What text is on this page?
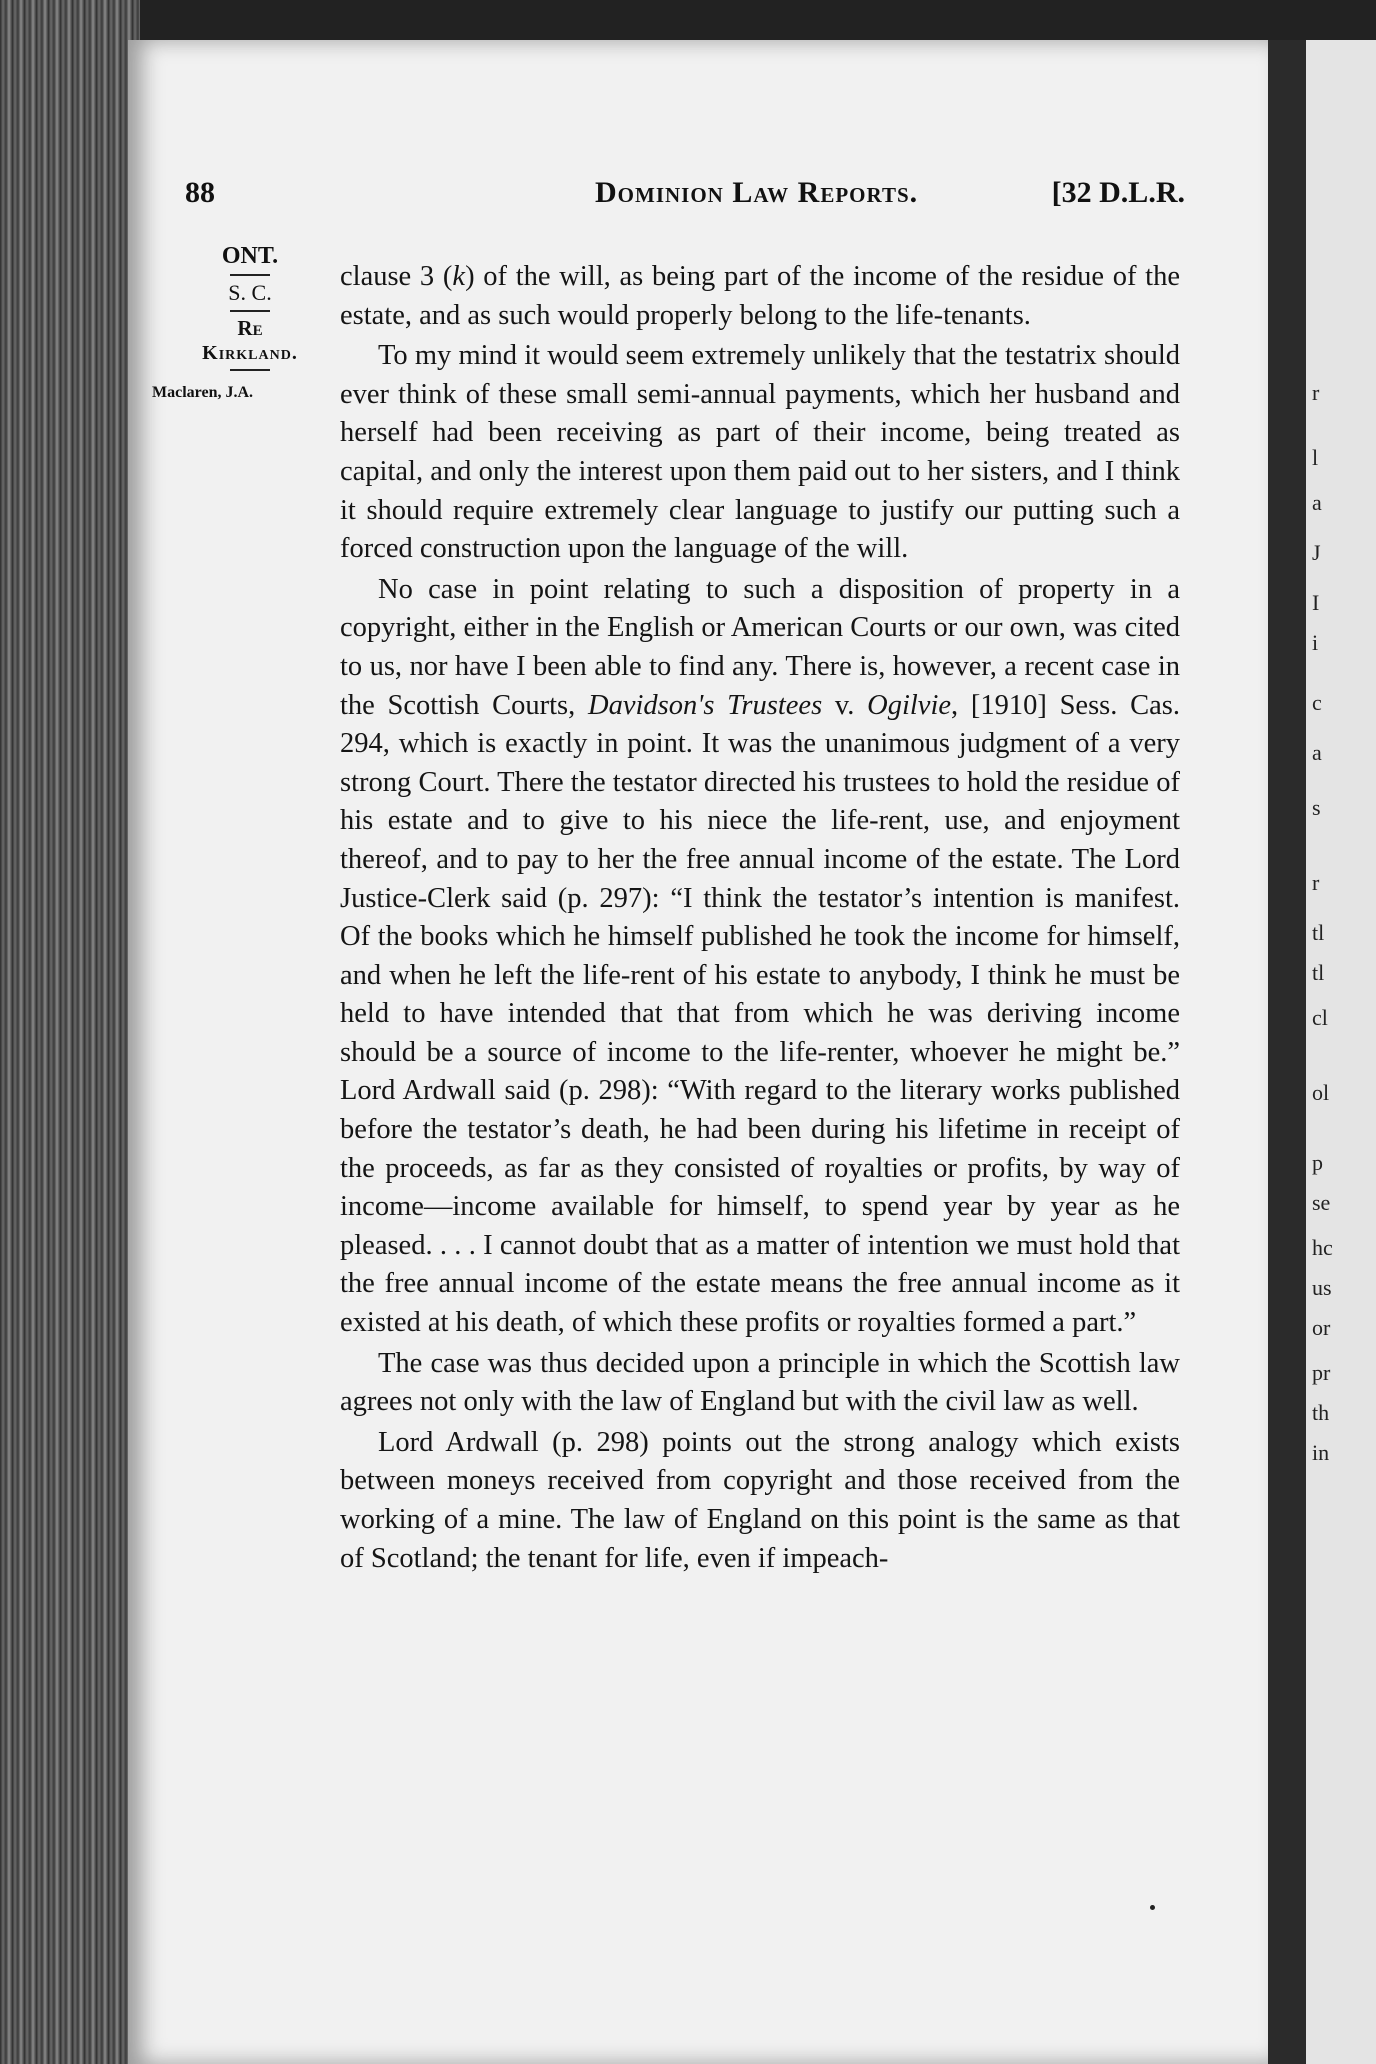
r
l
a
J
I
i
c
a
s
r
tl
tl
cl
ol
p
se
hc
us
or
pr
th
in
88	Dominion Law Reports.	[32 D.L.R.
ONT.
S. C.
Re
Kirkland.
Maclaren, J.A.

clause 3 (k) of the will, as being part of the income of the residue of the estate, and as such would properly belong to the life-tenants.

To my mind it would seem extremely unlikely that the testatrix should ever think of these small semi-annual payments, which her husband and herself had been receiving as part of their income, being treated as capital, and only the interest upon them paid out to her sisters, and I think it should require extremely clear language to justify our putting such a forced construction upon the language of the will.

No case in point relating to such a disposition of property in a copyright, either in the English or American Courts or our own, was cited to us, nor have I been able to find any. There is, however, a recent case in the Scottish Courts, Davidson's Trustees v. Ogilvie, [1910] Sess. Cas. 294, which is exactly in point. It was the unanimous judgment of a very strong Court. There the testator directed his trustees to hold the residue of his estate and to give to his niece the life-rent, use, and enjoyment thereof, and to pay to her the free annual income of the estate. The Lord Justice-Clerk said (p. 297): “I think the testator’s intention is manifest. Of the books which he himself published he took the income for himself, and when he left the life-rent of his estate to anybody, I think he must be held to have intended that that from which he was deriving income should be a source of income to the life-renter, whoever he might be.” Lord Ardwall said (p. 298): “With regard to the literary works published before the testator’s death, he had been during his lifetime in receipt of the proceeds, as far as they consisted of royalties or profits, by way of income—income available for himself, to spend year by year as he pleased. . . . I cannot doubt that as a matter of intention we must hold that the free annual income of the estate means the free annual income as it existed at his death, of which these profits or royalties formed a part.”

The case was thus decided upon a principle in which the Scottish law agrees not only with the law of England but with the civil law as well.

Lord Ardwall (p. 298) points out the strong analogy which exists between moneys received from copyright and those received from the working of a mine. The law of England on this point is the same as that of Scotland; the tenant for life, even if impeach-
